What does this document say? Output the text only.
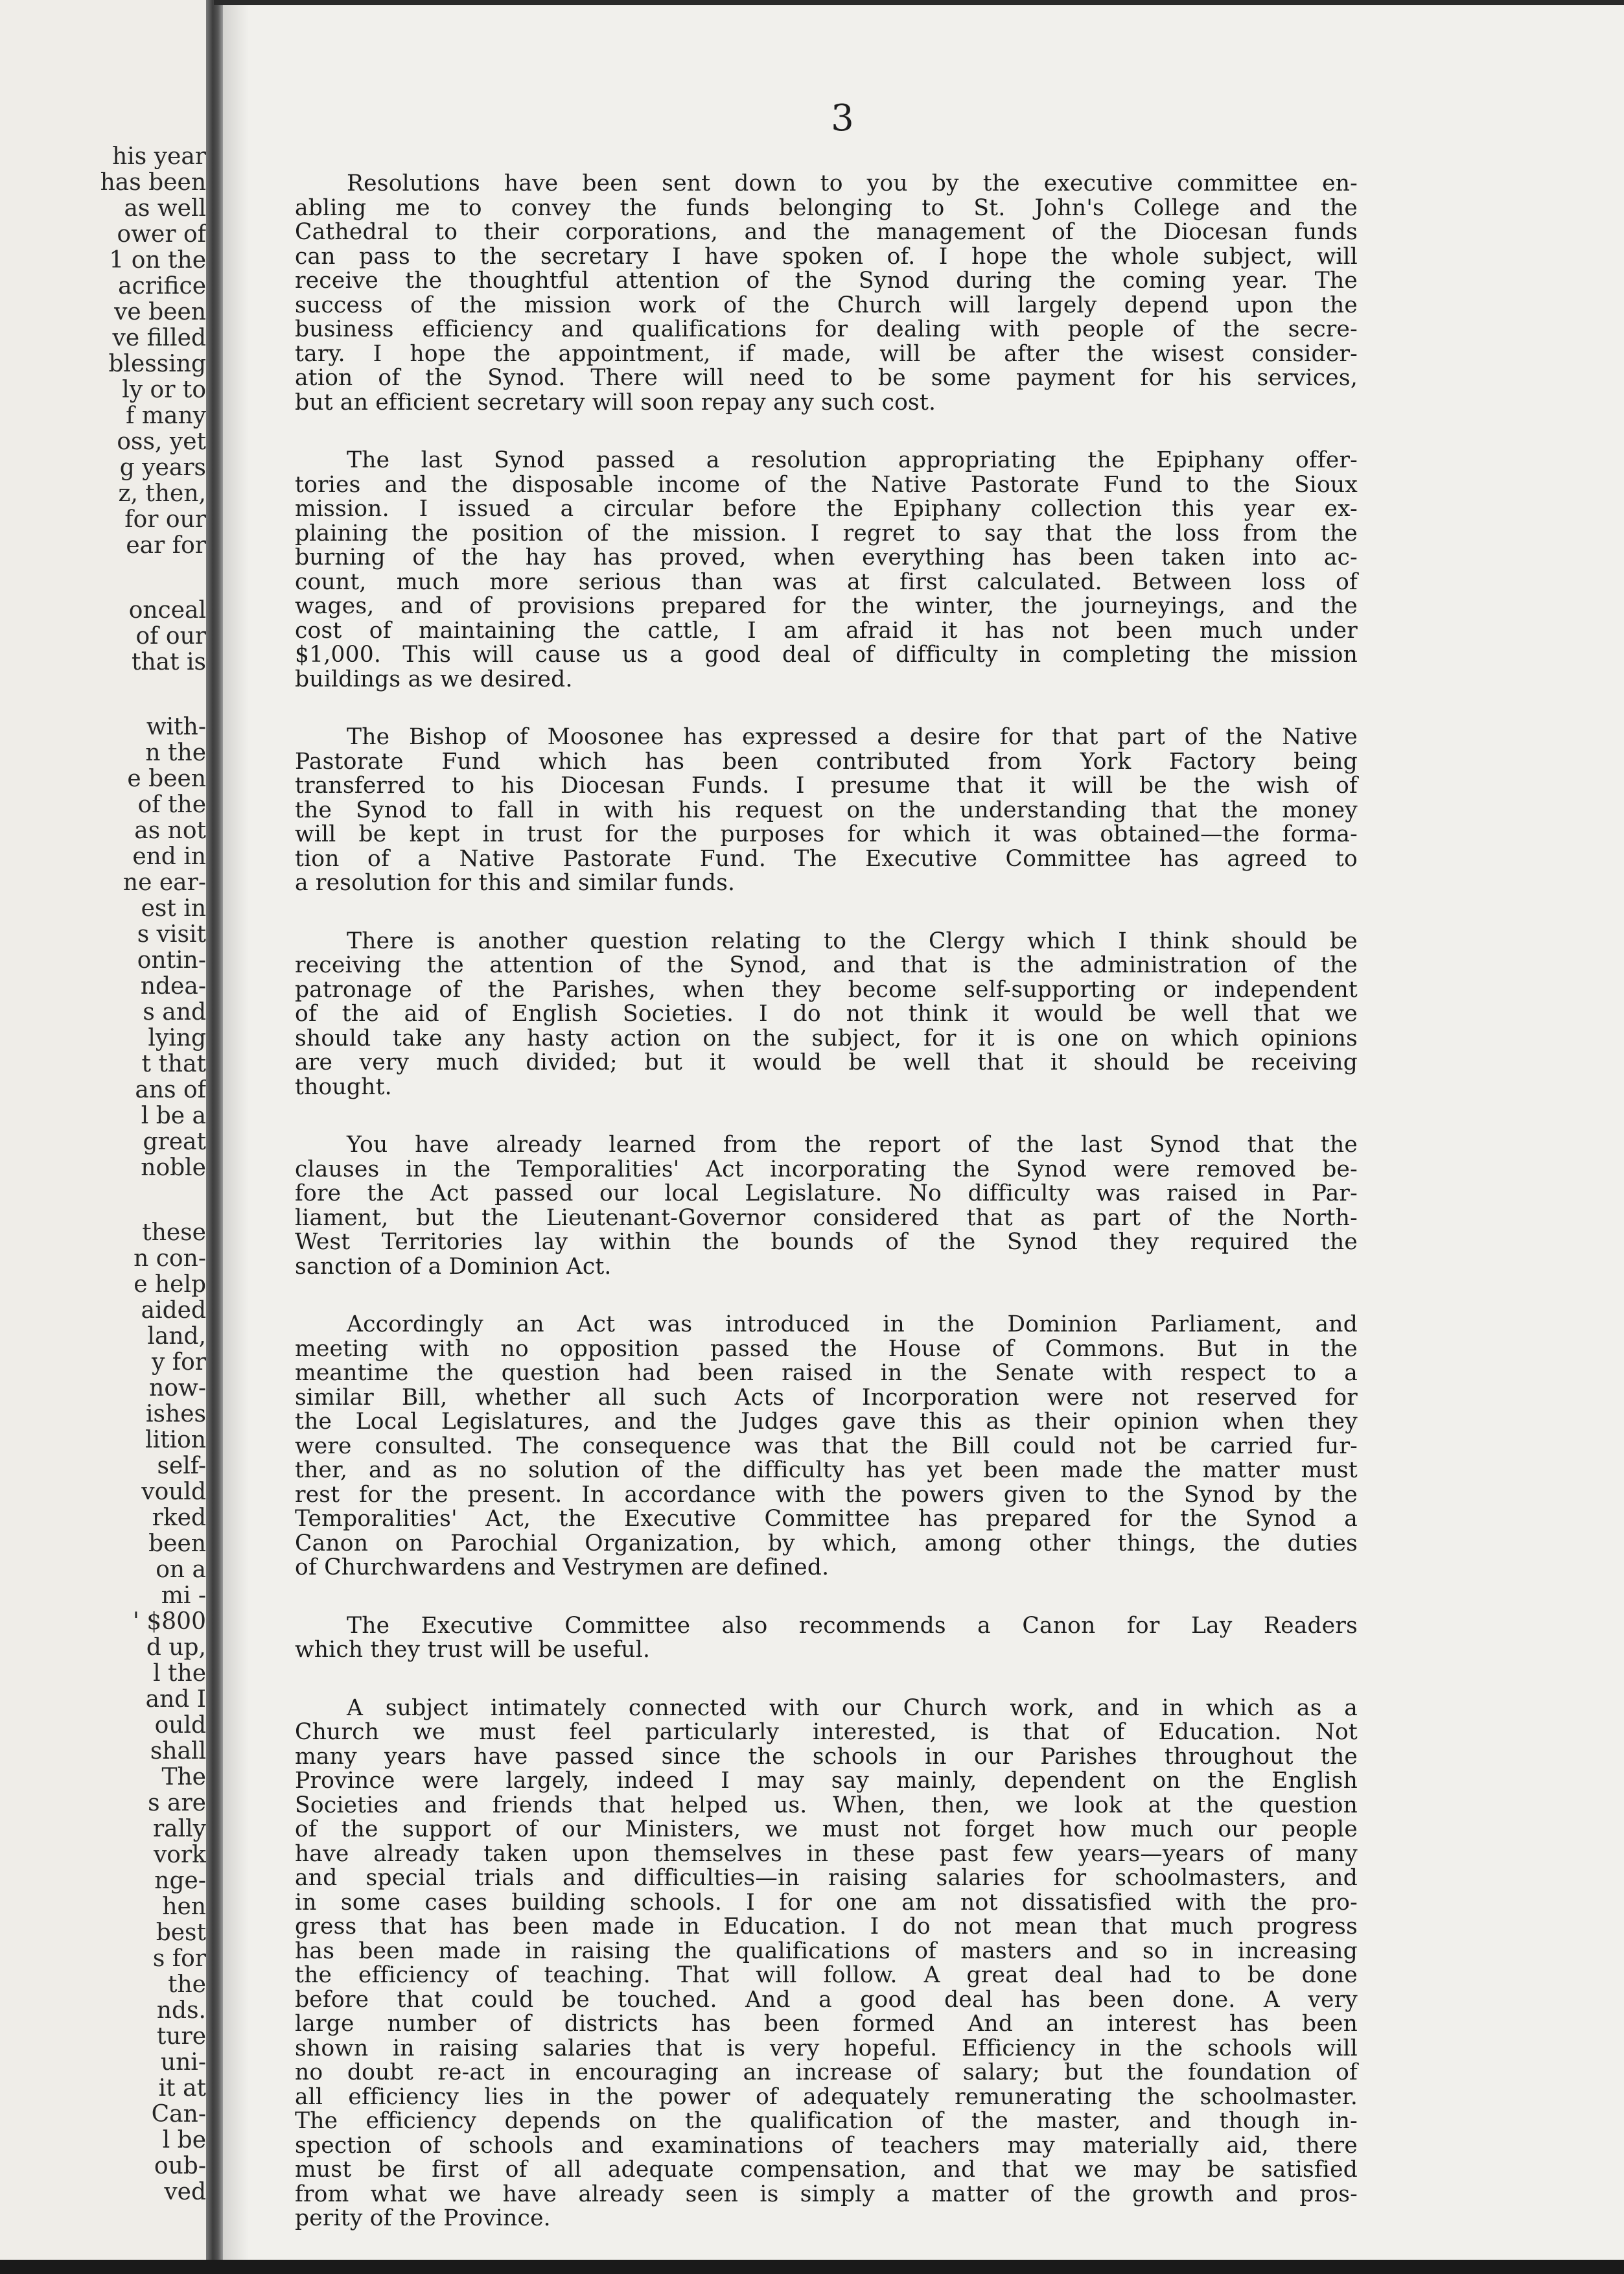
his year
has been
as well
ower of
1 on the
acrifice
ve been
ve filled
blessing
ly or to
f many
oss, yet
g years
z, then,
for our
ear for
onceal
of our
that is
with-
n the
e been
of the
as not
end in
ne ear-
est in
s visit
ontin-
ndea-
s and
lying
t that
ans of
l be a
great
noble
these
n con-
e help
aided
land,
y for
now-
ishes
lition
self-
vould
rked
been
on a
mi -
' $800
d up,
l the
and I
ould
shall
The
s are
rally
vork
nge-
hen
best
s for
the
nds.
ture
uni-
it at
Can-
l be
oub-
ved
3
Resolutions have been sent down to you by the executive committee en-
abling me to convey the funds belonging to St. John's College and the
Cathedral to their corporations, and the management of the Diocesan funds
can pass to the secretary I have spoken of. I hope the whole subject, will
receive the thoughtful attention of the Synod during the coming year. The
success of the mission work of the Church will largely depend upon the
business efficiency and qualifications for dealing with people of the secre-
tary. I hope the appointment, if made, will be after the wisest consider-
ation of the Synod. There will need to be some payment for his services,
but an efficient secretary will soon repay any such cost.
The last Synod passed a resolution appropriating the Epiphany offer-
tories and the disposable income of the Native Pastorate Fund to the Sioux
mission. I issued a circular before the Epiphany collection this year ex-
plaining the position of the mission. I regret to say that the loss from the
burning of the hay has proved, when everything has been taken into ac-
count, much more serious than was at first calculated. Between loss of
wages, and of provisions prepared for the winter, the journeyings, and the
cost of maintaining the cattle, I am afraid it has not been much under
$1,000. This will cause us a good deal of difficulty in completing the mission
buildings as we desired.
The Bishop of Moosonee has expressed a desire for that part of the Native
Pastorate Fund which has been contributed from York Factory being
transferred to his Diocesan Funds. I presume that it will be the wish of
the Synod to fall in with his request on the understanding that the money
will be kept in trust for the purposes for which it was obtained—the forma-
tion of a Native Pastorate Fund. The Executive Committee has agreed to
a resolution for this and similar funds.
There is another question relating to the Clergy which I think should be
receiving the attention of the Synod, and that is the administration of the
patronage of the Parishes, when they become self-supporting or independent
of the aid of English Societies. I do not think it would be well that we
should take any hasty action on the subject, for it is one on which opinions
are very much divided; but it would be well that it should be receiving
thought.
You have already learned from the report of the last Synod that the
clauses in the Temporalities' Act incorporating the Synod were removed be-
fore the Act passed our local Legislature. No difficulty was raised in Par-
liament, but the Lieutenant-Governor considered that as part of the North-
West Territories lay within the bounds of the Synod they required the
sanction of a Dominion Act.
Accordingly an Act was introduced in the Dominion Parliament, and
meeting with no opposition passed the House of Commons. But in the
meantime the question had been raised in the Senate with respect to a
similar Bill, whether all such Acts of Incorporation were not reserved for
the Local Legislatures, and the Judges gave this as their opinion when they
were consulted. The consequence was that the Bill could not be carried fur-
ther, and as no solution of the difficulty has yet been made the matter must
rest for the present. In accordance with the powers given to the Synod by the
Temporalities' Act, the Executive Committee has prepared for the Synod a
Canon on Parochial Organization, by which, among other things, the duties
of Churchwardens and Vestrymen are defined.
The Executive Committee also recommends a Canon for Lay Readers
which they trust will be useful.
A subject intimately connected with our Church work, and in which as a
Church we must feel particularly interested, is that of Education. Not
many years have passed since the schools in our Parishes throughout the
Province were largely, indeed I may say mainly, dependent on the English
Societies and friends that helped us. When, then, we look at the question
of the support of our Ministers, we must not forget how much our people
have already taken upon themselves in these past few years—years of many
and special trials and difficulties—in raising salaries for schoolmasters, and
in some cases building schools. I for one am not dissatisfied with the pro-
gress that has been made in Education. I do not mean that much progress
has been made in raising the qualifications of masters and so in increasing
the efficiency of teaching. That will follow. A great deal had to be done
before that could be touched. And a good deal has been done. A very
large number of districts has been formed And an interest has been
shown in raising salaries that is very hopeful. Efficiency in the schools will
no doubt re-act in encouraging an increase of salary; but the foundation of
all efficiency lies in the power of adequately remunerating the schoolmaster.
The efficiency depends on the qualification of the master, and though in-
spection of schools and examinations of teachers may materially aid, there
must be first of all adequate compensation, and that we may be satisfied
from what we have already seen is simply a matter of the growth and pros-
perity of the Province.
